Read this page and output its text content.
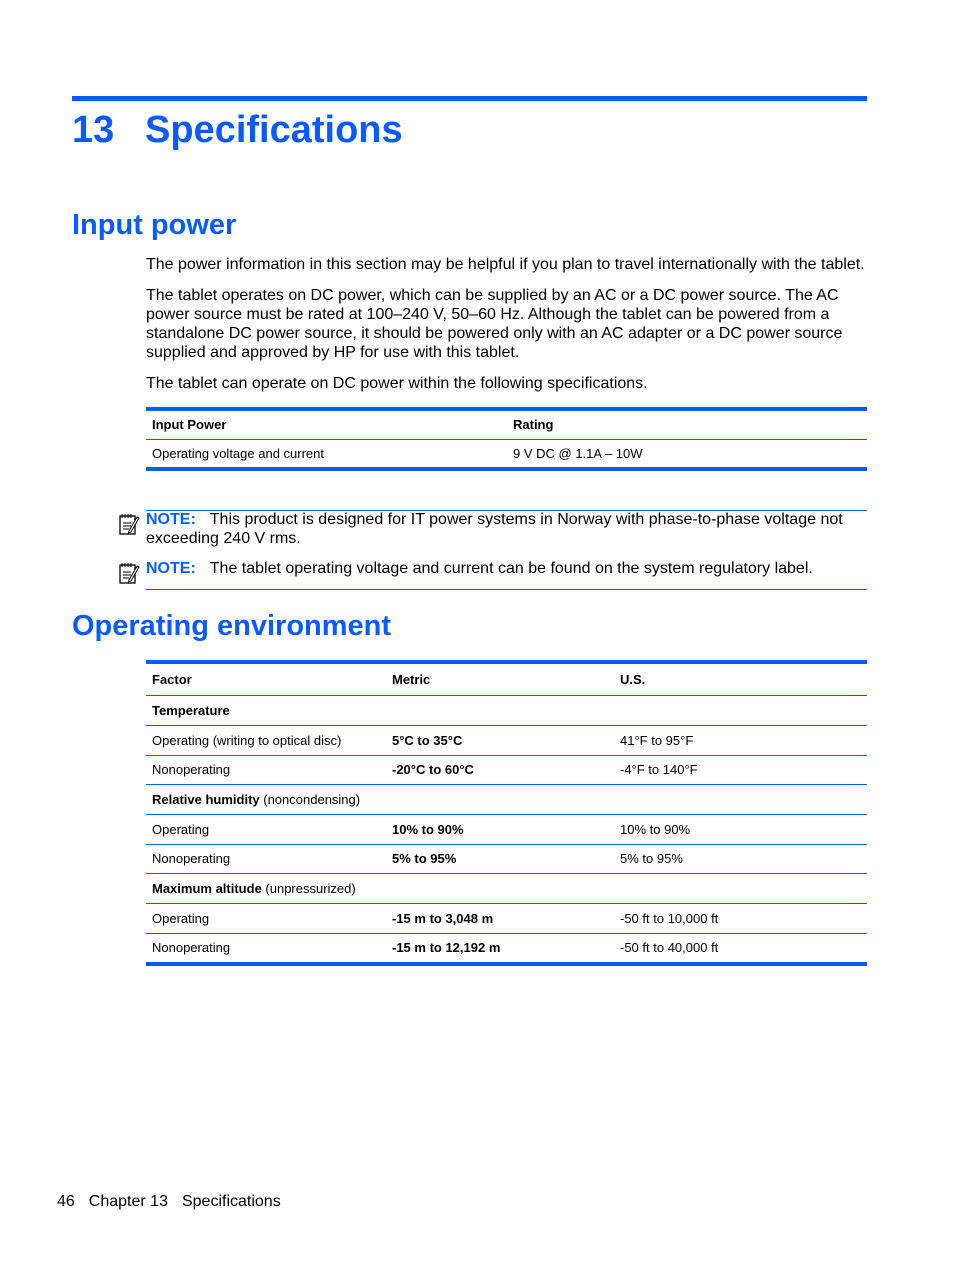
13 Specifications
Input power

The power information in this section may be helpful if you plan to travel internationally with the tablet.

The tablet operates on DC power, which can be supplied by an AC or a DC power source. The AC power source must be rated at 100–240 V, 50–60 Hz. Although the tablet can be powered from a standalone DC power source, it should be powered only with an AC adapter or a DC power source supplied and approved by HP for use with this tablet.

The tablet can operate on DC power within the following specifications.

Input Power	Rating
Operating voltage and current	9 V DC @ 1.1A – 10W

NOTE: This product is designed for IT power systems in Norway with phase-to-phase voltage not exceeding 240 V rms.

NOTE: The tablet operating voltage and current can be found on the system regulatory label.

Operating environment
Factor	Metric	U.S.
Temperature		
Operating (writing to optical disc)	5°C to 35°C	41°F to 95°F
Nonoperating	-20°C to 60°C	-4°F to 140°F
Relative humidity (noncondensing)		
Operating	10% to 90%	10% to 90%
Nonoperating	5% to 95%	5% to 95%
Maximum altitude (unpressurized)		
Operating	-15 m to 3,048 m	-50 ft to 10,000 ft
Nonoperating	-15 m to 12,192 m	-50 ft to 40,000 ft
46 Chapter 13 Specifications
